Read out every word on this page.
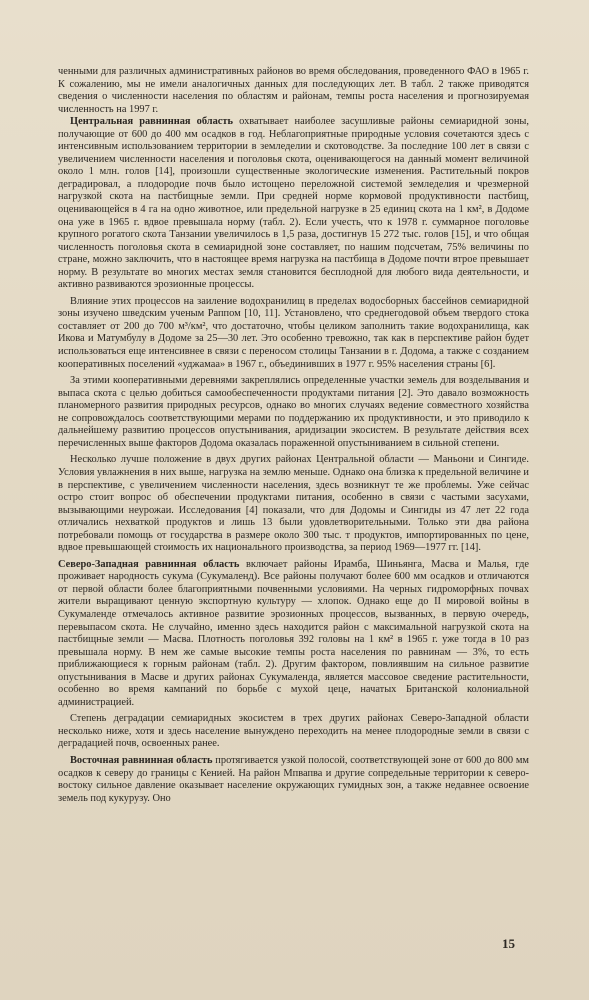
ченными для различных административных районов во время обследования, проведенного ФАО в 1965 г. К сожалению, мы не имели аналогичных данных для последующих лет. В табл. 2 также приводятся сведения о численности населения по областям и районам, темпы роста населения и прогнозируемая численность на 1997 г.

Центральная равнинная область охватывает наиболее засушливые районы семиаридной зоны, получающие от 600 до 400 мм осадков в год. Неблагоприятные природные условия сочетаются здесь с интенсивным использованием территории в земледелии и скотоводстве. За последние 100 лет в связи с увеличением численности населения и поголовья скота, оценивающегося на данный момент величиной около 1 млн. голов [14], произошли существенные экологические изменения. Растительный покров деградировал, а плодородие почв было истощено переложной системой земледелия и чрезмерной нагрузкой скота на пастбищные земли. При средней норме кормовой продуктивности пастбищ, оценивающейся в 4 га на одно животное, или предельной нагрузке в 25 единиц скота на 1 км², в Додоме она уже в 1965 г. вдвое превышала норму (табл. 2). Если учесть, что к 1978 г. суммарное поголовье крупного рогатого скота Танзании увеличилось в 1,5 раза, достигнув 15 272 тыс. голов [15], и что общая численность поголовья скота в семиаридной зоне составляет, по нашим подсчетам, 75% величины по стране, можно заключить, что в настоящее время нагрузка на пастбища в Додоме почти втрое превышает норму. В результате во многих местах земля становится бесплодной для любого вида деятельности, и активно развиваются эрозионные процессы.

Влияние этих процессов на заиление водохранилищ в пределах водосборных бассейнов семиаридной зоны изучено шведским ученым Раппом [10, 11]. Установлено, что среднегодовой объем твердого стока составляет от 200 до 700 м³/км², что достаточно, чтобы целиком заполнить такие водохранилища, как Икова и Матумбулу в Додоме за 25—30 лет. Это особенно тревожно, так как в перспективе район будет использоваться еще интенсивнее в связи с переносом столицы Танзании в г. Додома, а также с созданием кооперативных поселений «уджамаа» в 1967 г., объединивших в 1977 г. 95% населения страны [6].

За этими кооперативными деревнями закреплялись определенные участки земель для возделывания и выпаса скота с целью добиться самообеспеченности продуктами питания [2]. Это давало возможность планомерного развития природных ресурсов, однако во многих случаях ведение совместного хозяйства не сопровождалось соответствующими мерами по поддержанию их продуктивности, и это приводило к дальнейшему развитию процессов опустынивания, аридизации экосистем. В результате действия всех перечисленных выше факторов Додома оказалась пораженной опустыниванием в сильной степени.

Несколько лучше положение в двух других районах Центральной области — Маньони и Сингиде. Условия увлажнения в них выше, нагрузка на землю меньше. Однако она близка к предельной величине и в перспективе, с увеличением численности населения, здесь возникнут те же проблемы. Уже сейчас остро стоит вопрос об обеспечении продуктами питания, особенно в связи с частыми засухами, вызывающими неурожаи. Исследования [4] показали, что для Додомы и Сингиды из 47 лет 22 года отличались нехваткой продуктов и лишь 13 были удовлетворительными. Только эти два района потребовали помощь от государства в размере около 300 тыс. т продуктов, импортированных по цене, вдвое превышающей стоимость их национального производства, за период 1969—1977 гг. [14].

Северо-Западная равнинная область включает районы Ирамба, Шиньянга, Масва и Малья, где проживает народность сукума (Сукумаленд). Все районы получают более 600 мм осадков и отличаются от первой области более благоприятными почвенными условиями. На черных гидроморфных почвах жители выращивают ценную экспортную культуру — хлопок. Однако еще до II мировой войны в Сукумаленде отмечалось активное развитие эрозионных процессов, вызванных, в первую очередь, перевыпасом скота. Не случайно, именно здесь находится район с максимальной нагрузкой скота на пастбищные земли — Масва. Плотность поголовья 392 головы на 1 км² в 1965 г. уже тогда в 10 раз превышала норму. В нем же самые высокие темпы роста населения по равнинам — 3%, то есть приближающиеся к горным районам (табл. 2). Другим фактором, повлиявшим на сильное развитие опустынивания в Масве и других районах Сукумаленда, является массовое сведение растительности, особенно во время кампаний по борьбе с мухой цеце, начатых Британской колониальной администрацией.

Степень деградации семиаридных экосистем в трех других районах Северо-Западной области несколько ниже, хотя и здесь население вынуждено переходить на менее плодородные земли в связи с деградацией почв, освоенных ранее.

Восточная равнинная область протягивается узкой полосой, соответствующей зоне от 600 до 800 мм осадков к северу до границы с Кенией. На район Мпвапва и другие сопредельные территории к северо-востоку сильное давление оказывает население окружающих гумидных зон, а также недавнее освоение земель под кукурузу. Оно

15
